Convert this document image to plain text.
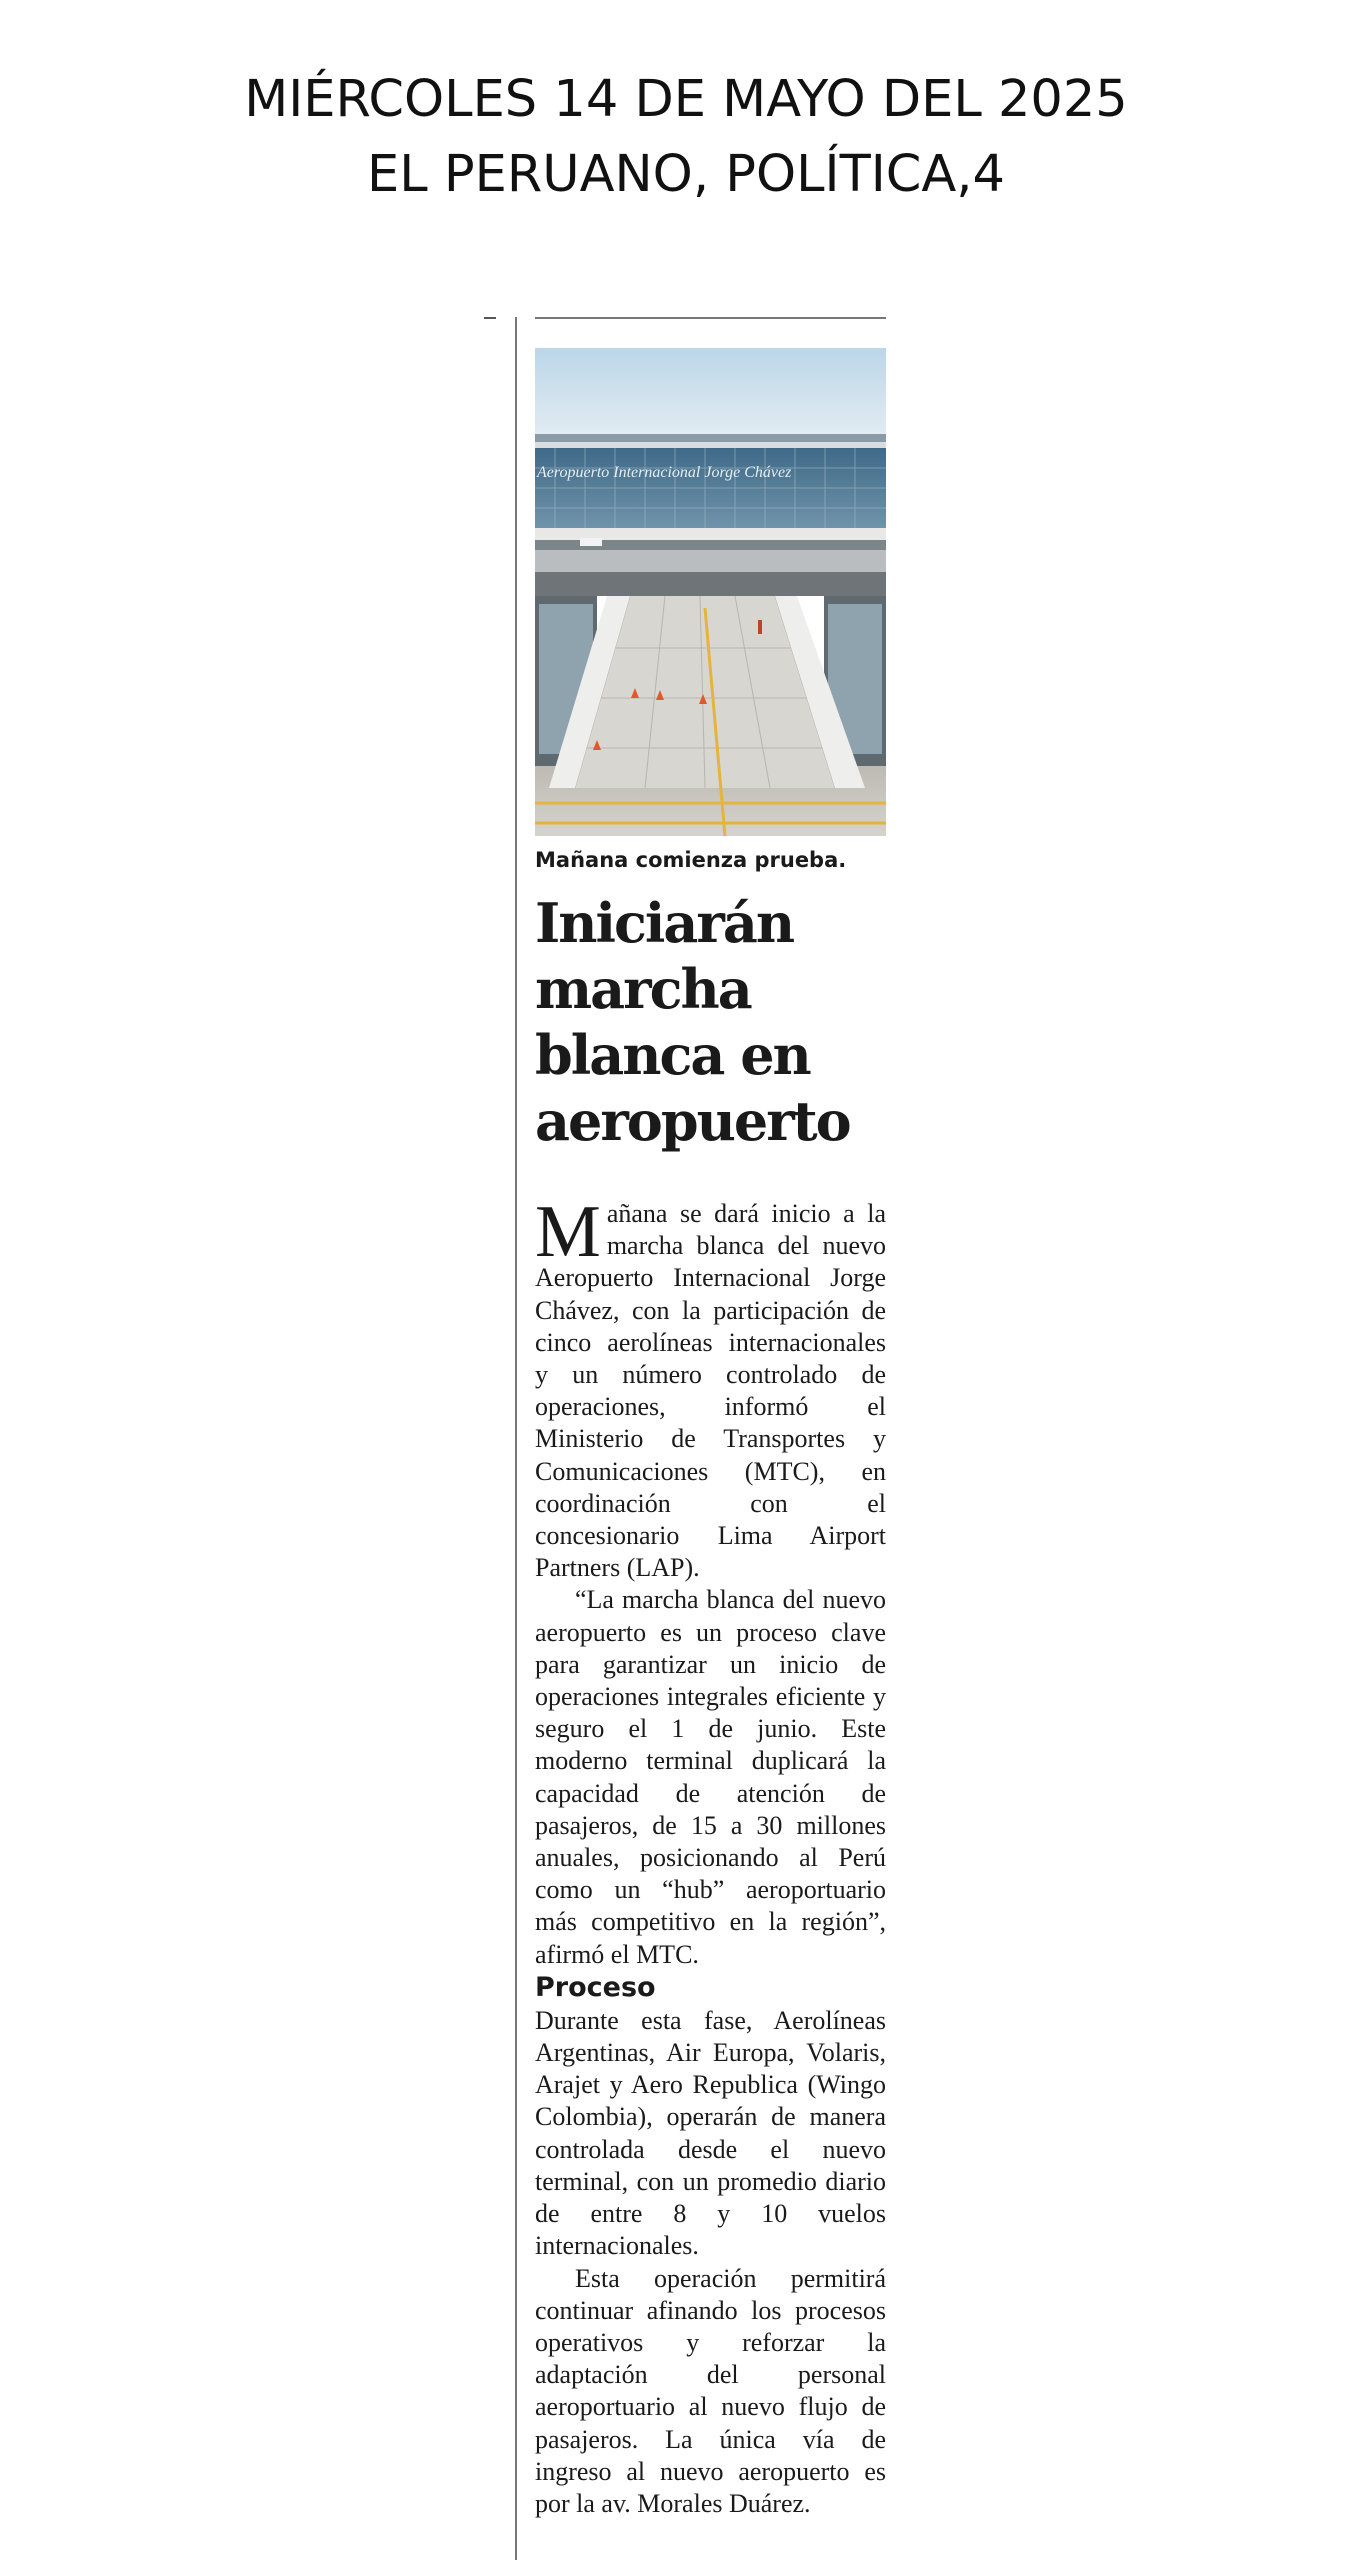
MIÉRCOLES 14 DE MAYO DEL 2025
EL PERUANO, POLÍTICA,4
Aeropuerto Internacional Jorge Chávez
Mañana comienza prueba.
Iniciarán
marcha
blanca en
aeropuerto

Mañana se dará inicio a la marcha blanca del nuevo Aeropuerto Internacional Jorge Chávez, con la participación de cinco aerolíneas internacionales y un número controlado de operaciones, informó el Ministerio de Transportes y Comunicaciones (MTC), en coordinación con el concesionario Lima Airport Partners (LAP).

“La marcha blanca del nuevo aeropuerto es un proceso clave para garantizar un inicio de operaciones integrales eficiente y seguro el 1 de junio. Este moderno terminal duplicará la capacidad de atención de pasajeros, de 15 a 30 millones anuales, posicionando al Perú como un “hub” aeroportuario más competitivo en la región”, afirmó el MTC.

Proceso

Durante esta fase, Aerolíneas Argentinas, Air Europa, Volaris, Arajet y Aero Republica (Wingo Colombia), operarán de manera controlada desde el nuevo terminal, con un promedio diario de entre 8 y 10 vuelos internacionales.

Esta operación permitirá continuar afinando los procesos operativos y reforzar la adaptación del personal aeroportuario al nuevo flujo de pasajeros. La única vía de ingreso al nuevo aeropuerto es por la av. Morales Duárez.
